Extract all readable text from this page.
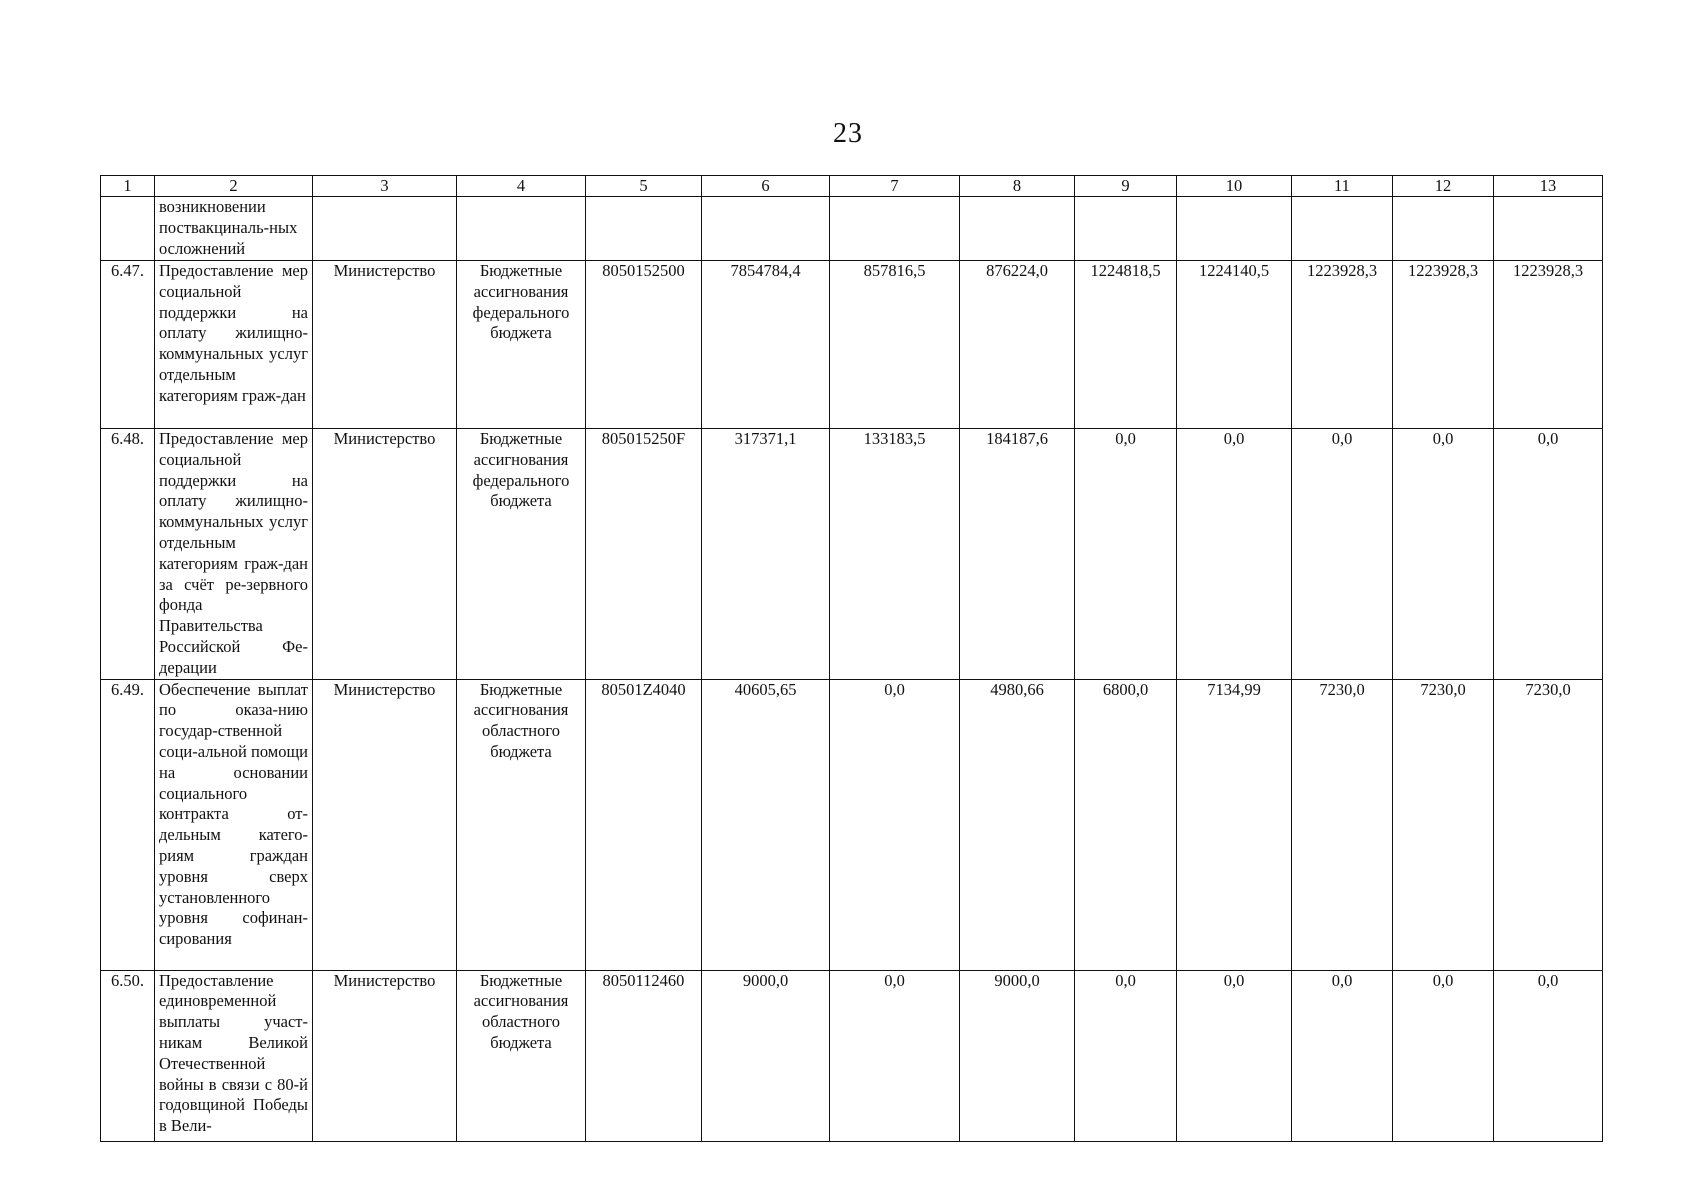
23
1	2	3	4	5	6	7	8	9	10	11	12	13
	возникновении поствакциналь-ных осложнений											
6.47.	Предоставление мер социальной поддержки на оплату жилищно-коммунальных услуг отдельным категориям граж-дан	Министерство	Бюджетные ассигнования федерального бюджета	8050152500	7854784,4	857816,5	876224,0	1224818,5	1224140,5	1223928,3	1223928,3	1223928,3
6.48.	Предоставление мер социальной поддержки на оплату жилищно-коммунальных услуг отдельным категориям граж-дан за счёт ре-зервного фонда Правительства Российской Фе-дерации	Министерство	Бюджетные ассигнования федерального бюджета	805015250F	317371,1	133183,5	184187,6	0,0	0,0	0,0	0,0	0,0
6.49.	Обеспечение выплат по оказа-нию государ-ственной соци-альной помощи на основании социального контракта от-дельным катего-риям граждан уровня сверх установленного уровня софинан-сирования	Министерство	Бюджетные ассигнования областного бюджета	80501Z4040	40605,65	0,0	4980,66	6800,0	7134,99	7230,0	7230,0	7230,0
6.50.	Предоставление единовременной выплаты участ-никам Великой Отечественной войны в связи с 80-й годовщиной Победы в Вели-	Министерство	Бюджетные ассигнования областного бюджета	8050112460	9000,0	0,0	9000,0	0,0	0,0	0,0	0,0	0,0
